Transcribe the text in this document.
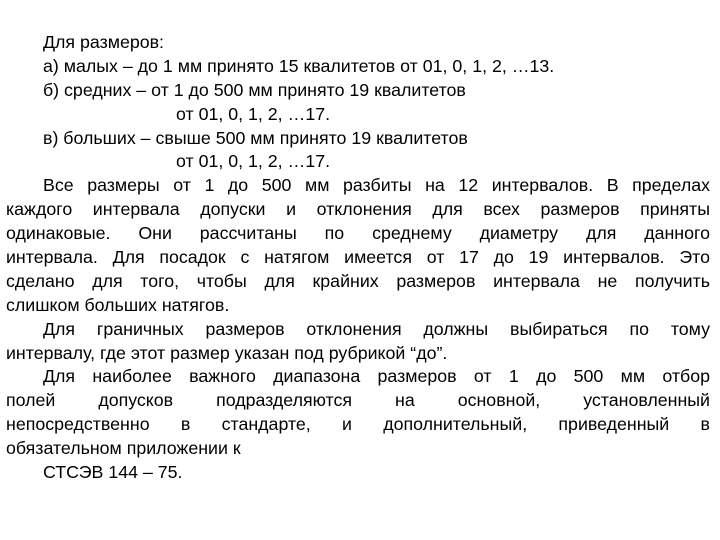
Для размеров:
а) малых – до 1 мм принято 15 квалитетов от 01, 0, 1, 2, …13.
б) средних – от 1 до 500 мм принято 19 квалитетов
от 01, 0, 1, 2, …17.
в) больших – свыше 500 мм принято 19 квалитетов
от 01, 0, 1, 2, …17.
Все размеры от 1 до 500 мм разбиты на 12 интервалов. В пределах
каждого интервала допуски и отклонения для всех размеров приняты
одинаковые. Они рассчитаны по среднему диаметру для данного
интервала. Для посадок с натягом имеется от 17 до 19 интервалов. Это
сделано для того, чтобы для крайних размеров интервала не получить
слишком больших натягов.
Для граничных размеров отклонения должны выбираться по тому
интервалу, где этот размер указан под рубрикой “до”.
Для наиболее важного диапазона размеров от 1 до 500 мм отбор
полей допусков подразделяются на основной, установленный
непосредственно в стандарте, и дополнительный, приведенный в
обязательном приложении к
СТСЭВ 144 – 75.
